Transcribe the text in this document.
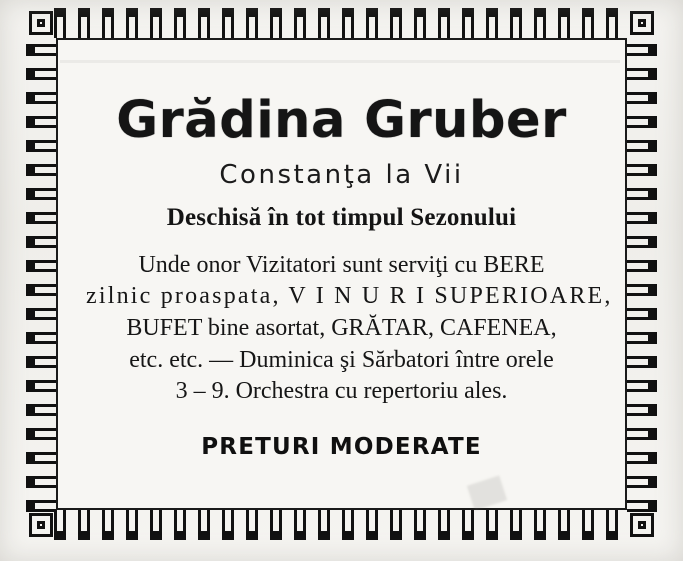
Grădina Gruber
Constanţa la Vii
Deschisă în tot timpul Sezonului
Unde onor Vizitatori sunt serviţi cu BERE
zilnic proaspata, V I N U R I SUPERIOARE,
BUFET bine asortat, GRĂTAR, CAFENEA,
etc. etc. — Duminica şi Sărbatori între orele
3 – 9. Orchestra cu repertoriu ales.
PRETURI MODERATE
